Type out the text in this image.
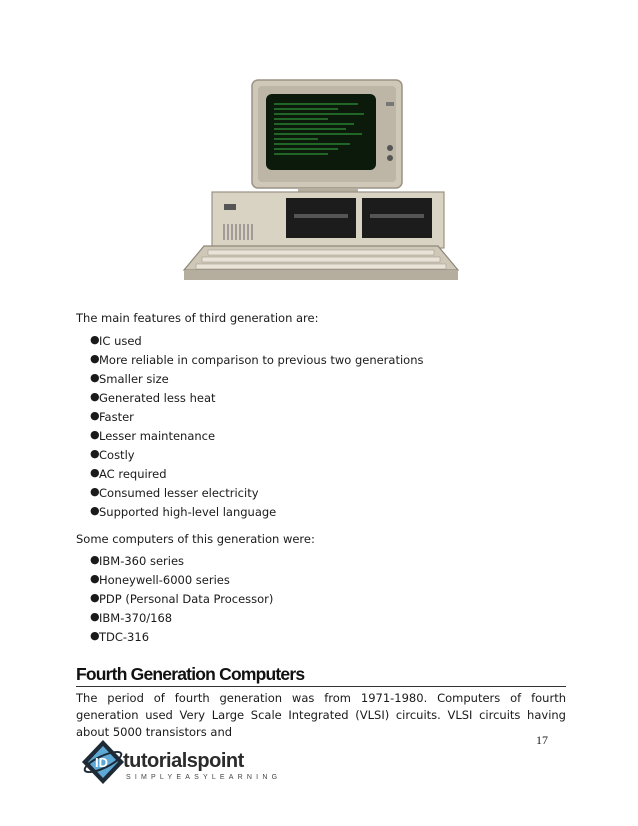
The main features of third generation are:

● IC used
● More reliable in comparison to previous two generations
● Smaller size
● Generated less heat
● Faster
● Lesser maintenance
● Costly
● AC required
● Consumed lesser electricity
● Supported high-level language

Some computers of this generation were:

● IBM-360 series
● Honeywell-6000 series
● PDP (Personal Data Processor)
● IBM-370/168
● TDC-316
Fourth Generation Computers

The period of fourth generation was from 1971-1980. Computers of fourth generation used Very Large Scale Integrated (VLSI) circuits. VLSI circuits having about 5000 transistors and

17
ID tutorialspoint
SIMPLYEASYLEARNING
